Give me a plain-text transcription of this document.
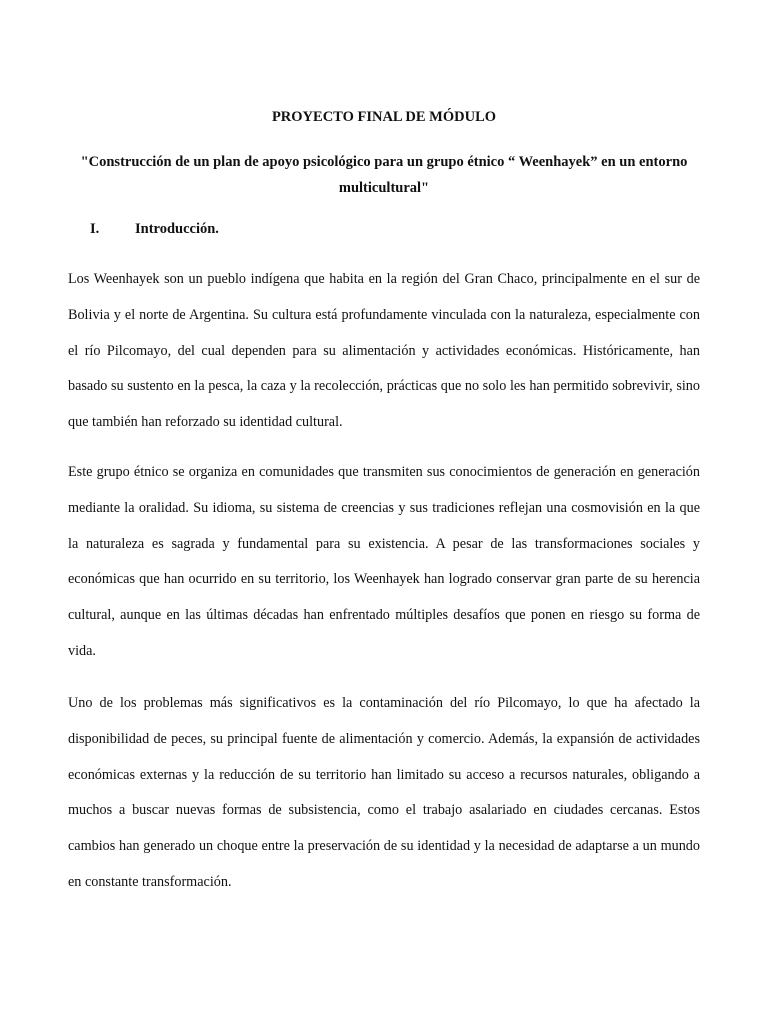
PROYECTO FINAL DE MÓDULO

"Construcción de un plan de apoyo psicológico para un grupo étnico “ Weenhayek” en un entorno
multicultural"

I. Introducción.

Los Weenhayek son un pueblo indígena que habita en la región del Gran Chaco, principalmente en el sur de Bolivia y el norte de Argentina. Su cultura está profundamente vinculada con la naturaleza, especialmente con el río Pilcomayo, del cual dependen para su alimentación y actividades económicas. Históricamente, han basado su sustento en la pesca, la caza y la recolección, prácticas que no solo les han permitido sobrevivir, sino que también han reforzado su identidad cultural.

Este grupo étnico se organiza en comunidades que transmiten sus conocimientos de generación en generación mediante la oralidad. Su idioma, su sistema de creencias y sus tradiciones reflejan una cosmovisión en la que la naturaleza es sagrada y fundamental para su existencia. A pesar de las transformaciones sociales y económicas que han ocurrido en su territorio, los Weenhayek han logrado conservar gran parte de su herencia cultural, aunque en las últimas décadas han enfrentado múltiples desafíos que ponen en riesgo su forma de vida.

Uno de los problemas más significativos es la contaminación del río Pilcomayo, lo que ha afectado la disponibilidad de peces, su principal fuente de alimentación y comercio. Además, la expansión de actividades económicas externas y la reducción de su territorio han limitado su acceso a recursos naturales, obligando a muchos a buscar nuevas formas de subsistencia, como el trabajo asalariado en ciudades cercanas. Estos cambios han generado un choque entre la preservación de su identidad y la necesidad de adaptarse a un mundo en constante transformación.
